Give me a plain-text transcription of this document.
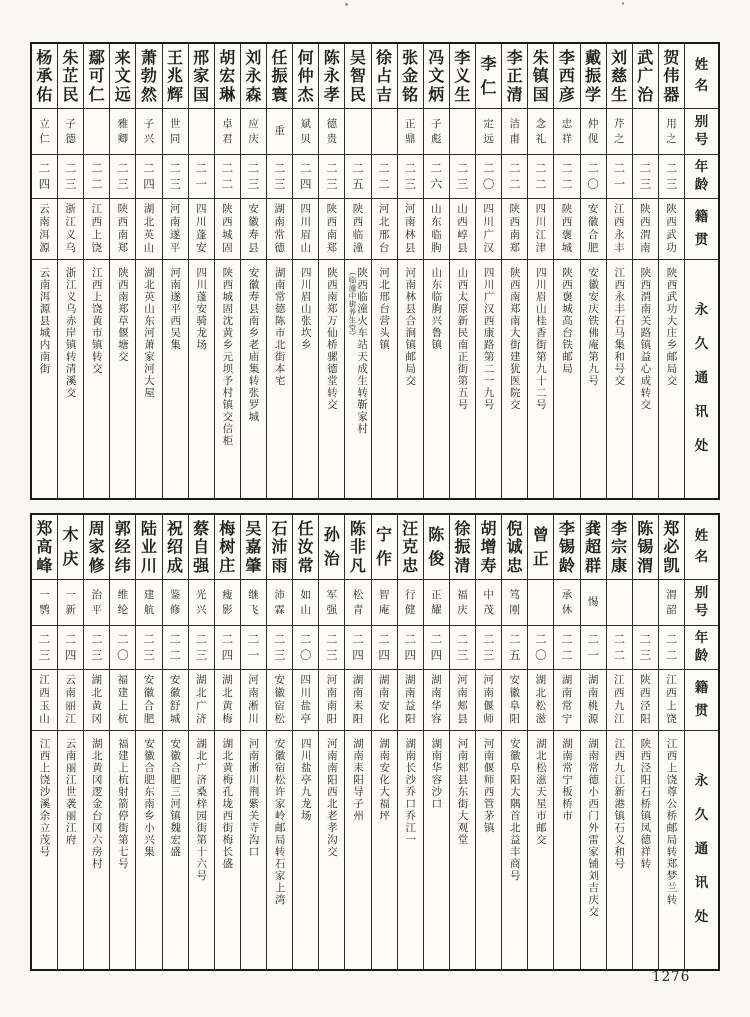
姓
名
别
号
年
龄
籍
贯
永
久
通
讯
处
贺
伟
器
用
之
二
三
陕
西
武
功
陕西武功大庄乡邮局交
武
广
治
二
三
陕
西
渭
南
陕西渭南关路镇益心成转交
刘
慈
生
芹
之
二
一
江
西
永
丰
江西永丰石马集和号交
戴
振
学
仲
伣
二
〇
安
徽
合
肥
安徽安庆铁佛庵第九号
李
西
彦
忠
祥
二
二
陕
西
褒
城
陕西褒城高台铁邮局
朱
镇
国
念
礼
二
二
四
川
江
津
四川眉山桂香街第九十二号
李
正
清
洁
甫
二
二
陕
西
南
郑
陕西南郑南大街建犹医院交
李
仁
定
远
二
〇
四
川
广
汉
四川广汉西康路第二一九号
李
义
生
二
三
山
西
崞
县
山西太原新民南正街第五号
冯
文
炳
子
彪
二
六
山
东
临
朐
山东临朐兴鲁镇
张
金
铭
正
鼎
二
三
河
南
林
县
河南林县合涧镇邮局交
徐
占
吉
二
二
河
北
邢
台
河北邢台营头镇
吴
智
民
二
五
陕
西
临
潼
陕西临潼火车站天成生转靳家村
（临潼中街养生堂）
陈
永
孝
德
贵
二
三
陕
西
南
郑
陕西南郑万仙桥骡德堂转交
何
仲
杰
斌
贝
二
四
四
川
眉
山
四川眉山张坎乡
任
振
寰
重
二
三
湖
南
常
德
湖南常德陈市北街本宅
刘
永
森
应
庆
二
三
安
徽
寿
县
安徽寿县南乡老庙集转张罗城
胡
宏
琳
卓
君
二
二
陕
西
城
固
陕西城固沈黄乡元坝予村镇交信柜
邢
家
国
二
一
四
川
蓬
安
四川蓬安骑龙场
王
兆
辉
世
同
二
三
河
南
遂
平
河南遂平西吴集
萧
勃
然
子
兴
二
四
湖
北
英
山
湖北英山东河萧家河大屋
来
文
远
雅
卿
二
三
陕
西
南
郑
陕西南郑草偃塘交
鄢
可
仁
二
二
江
西
上
饶
江西上饶黄市镇转交
朱
芷
民
子
德
二
三
浙
江
义
乌
浙江义乌赤岸镇转清溪交
杨
承
佑
立
仁
二
四
云
南
洱
源
云南洱源县城内南街
姓
名
别
号
年
龄
籍
贯
永
久
通
讯
处
郑
必
凯
渭
韶
二
二
江
西
上
饶
江西上饶尊公桥邮局转郑梦兰转
陈
锡
渭
二
三
陕
西
泾
阳
陕西泾阳石桥镇凤德祥转
李
宗
康
二
二
江
西
九
江
江西九江新港镇石义和号
龚
超
群
惕
二
一
湖
南
桃
源
湖南常德小西门外雷家铺刘吉庆交
李
锡
龄
承
休
二
二
湖
南
常
宁
湖南常宁板桥市
曾
正
二
〇
湖
北
松
滋
湖北松滋天星市邮交
倪
诚
忠
笃
刚
二
五
安
徽
阜
阳
安徽阜阳大隅首北益丰商号
胡
增
寿
中
茂
二
三
河
南
偃
师
河南偃师西管茅镇
徐
振
清
福
庆
二
三
河
南
郏
县
河南郏县东街大观堂
陈
俊
正
耀
二
四
湖
南
华
容
湖南华容沙口
汪
克
忠
行
健
二
四
湖
南
益
阳
湖南长沙乔口乔江一
宁
作
智
庵
二
四
湖
南
安
化
湖南安化大福坪
陈
非
凡
松
青
二
四
湖
南
耒
阳
湖南耒阳导子州
孙
治
军
强
二
三
河
南
南
阳
河南南阳西北老孝沟交
任
汝
常
如
山
二
〇
四
川
盐
亭
四川盐亭九龙场
石
沛
雨
沛
霖
二
三
安
徽
宿
松
安徽宿松许家岭邮局转石家上湾
吴
嘉
肇
继
飞
二
一
河
南
淅
川
河南淅川荆紫关寺沟口
梅
树
庄
瘦
影
二
四
湖
北
黄
梅
湖北黄梅孔垅西街梅长盛
蔡
自
强
光
兴
二
三
湖
北
广
济
湖北广济桑梓园街第十六号
祝
绍
成
鉴
修
二
二
安
徽
舒
城
安徽合肥三河镇魏宏盛
陆
业
川
建
航
二
三
安
徽
合
肥
安徽合肥东南乡小兴集
郭
经
纬
维
纶
二
〇
福
建
上
杭
福建上杭射箭停街第七号
周
家
修
治
平
二
三
湖
北
黄
冈
湖北黄冈逻金台冈六房村
木
庆
一
新
二
四
云
南
丽
江
云南丽江世袭丽江府
郑
高
峰
一
鹗
二
三
江
西
玉
山
江西上饶沙溪余立茂号
1276
